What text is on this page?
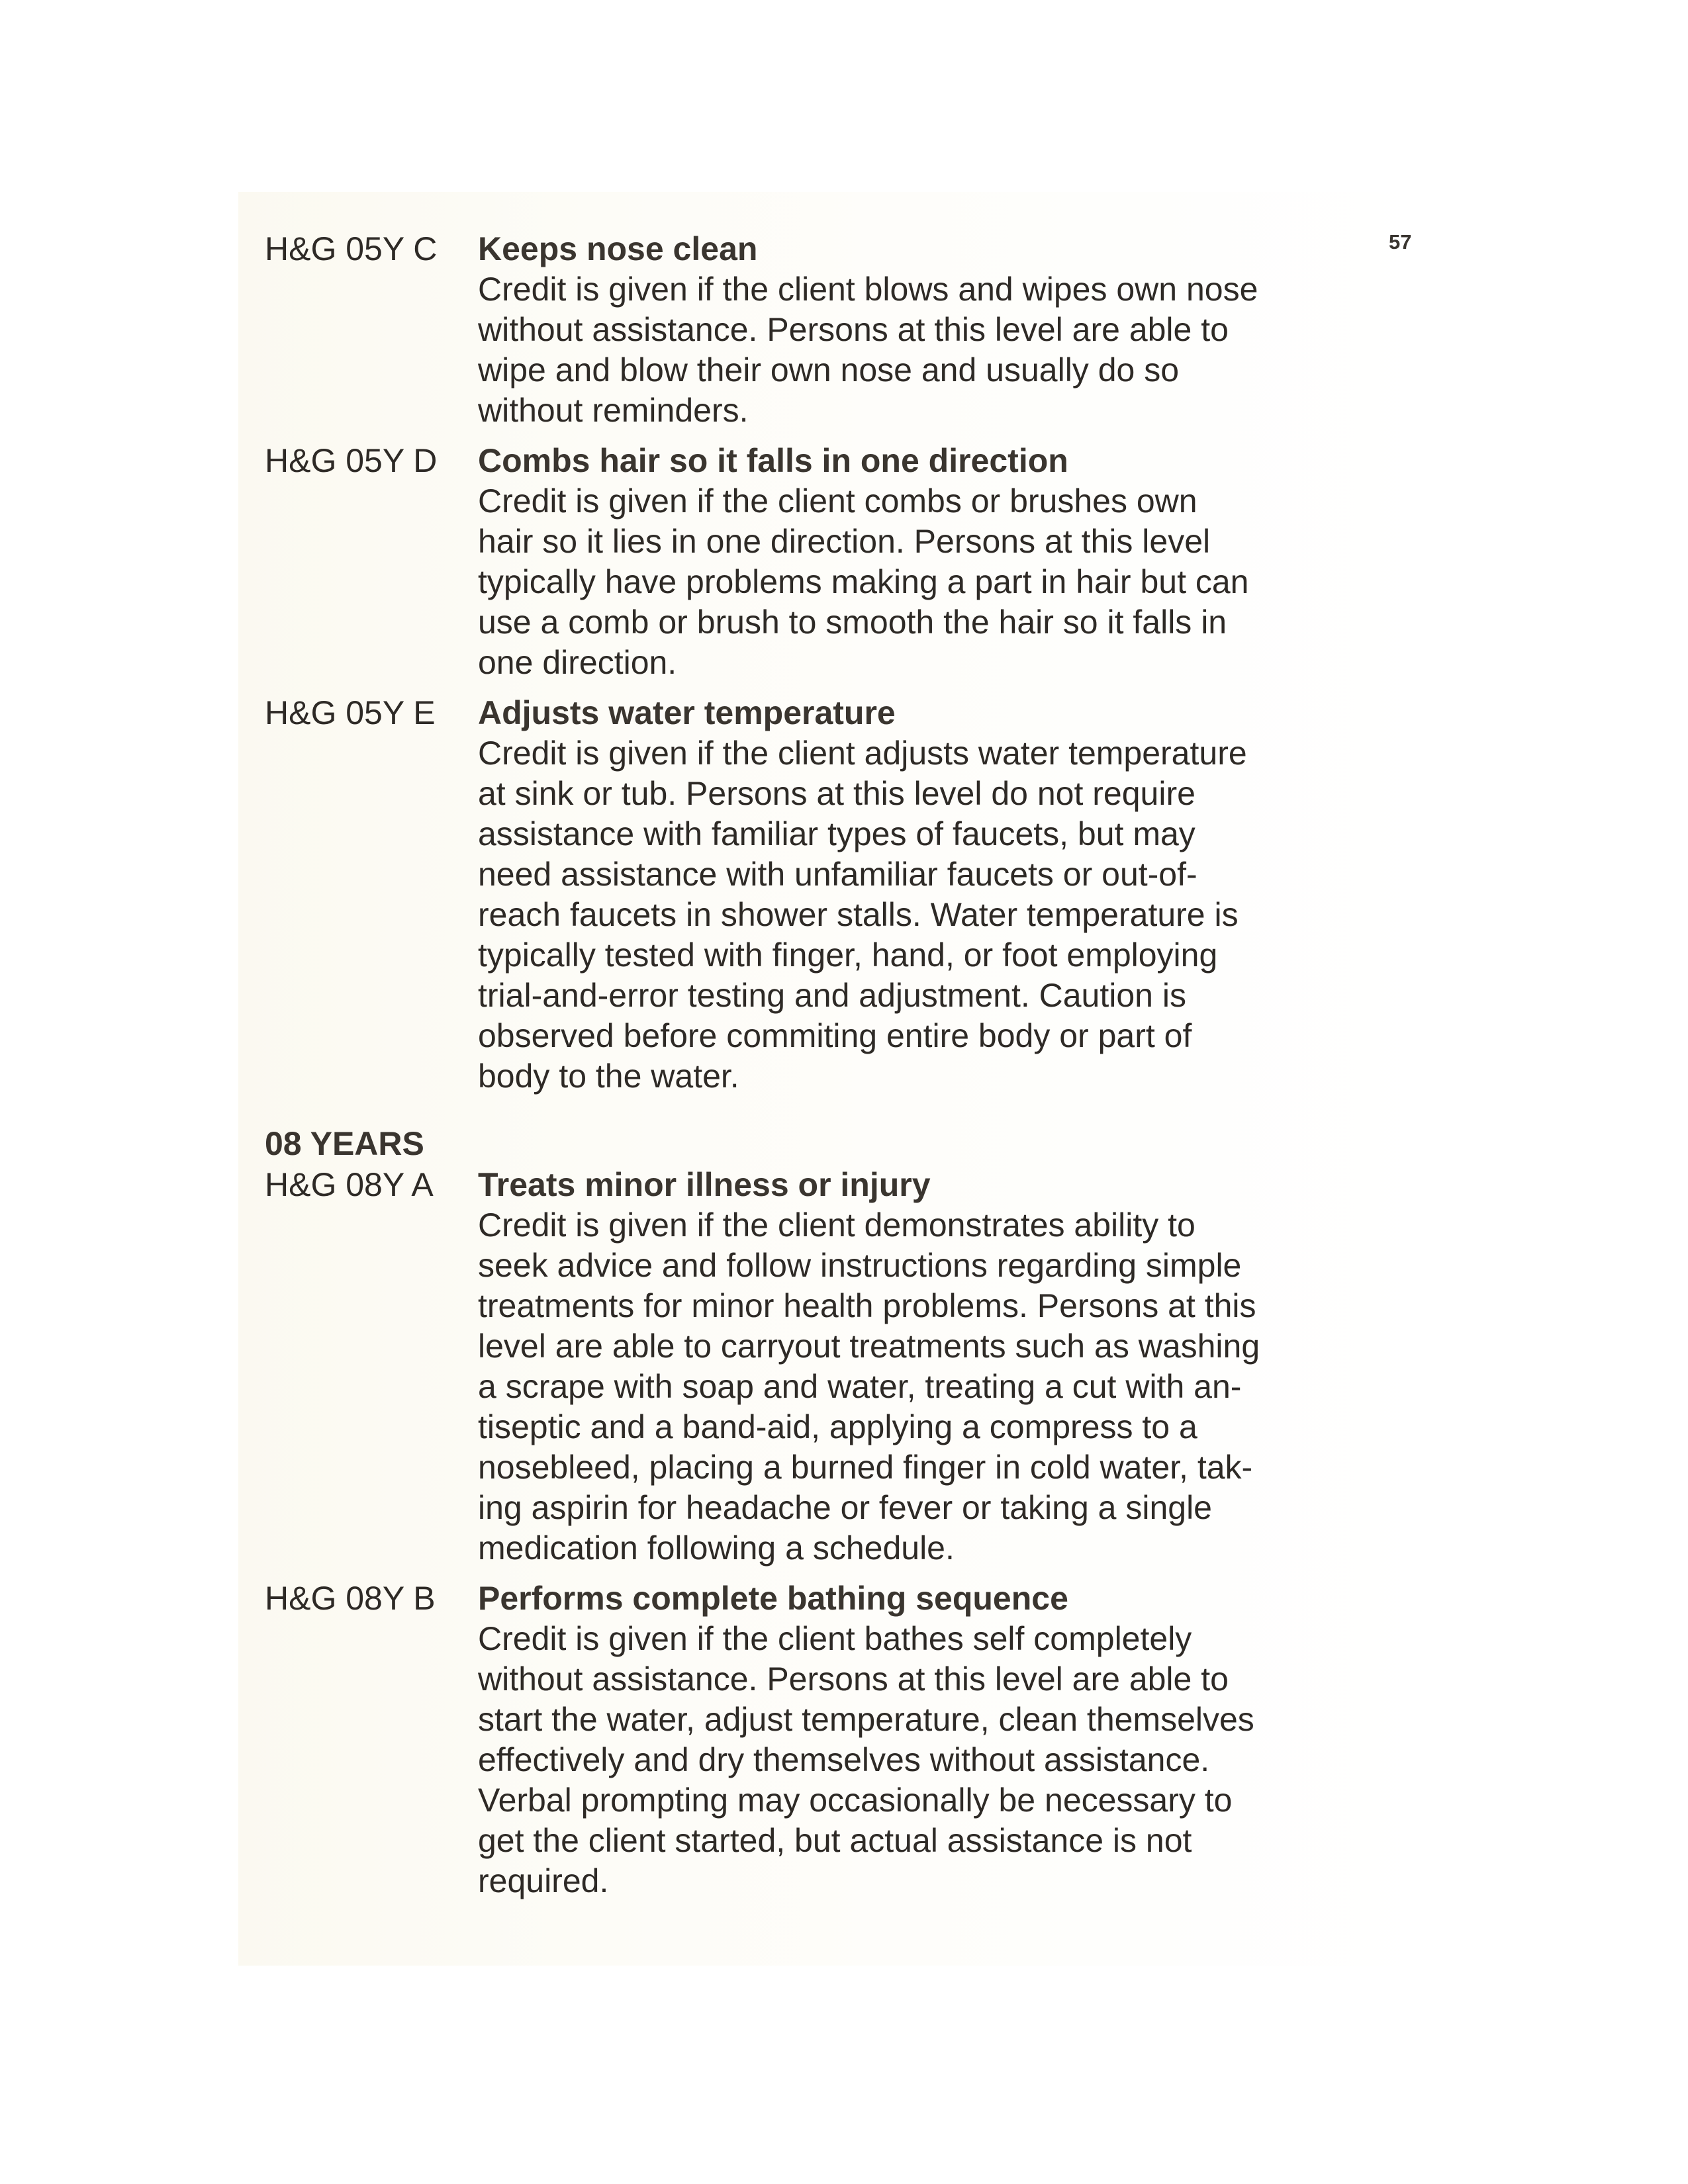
57
H&G 05Y C Keeps nose clean
Credit is given if the client blows and wipes own nose
without assistance. Persons at this level are able to
wipe and blow their own nose and usually do so
without reminders.
H&G 05Y D Combs hair so it falls in one direction
Credit is given if the client combs or brushes own
hair so it lies in one direction. Persons at this level
typically have problems making a part in hair but can
use a comb or brush to smooth the hair so it falls in
one direction.
H&G 05Y E Adjusts water temperature
Credit is given if the client adjusts water temperature
at sink or tub. Persons at this level do not require
assistance with familiar types of faucets, but may
need assistance with unfamiliar faucets or out-of-
reach faucets in shower stalls. Water temperature is
typically tested with finger, hand, or foot employing
trial-and-error testing and adjustment. Caution is
observed before commiting entire body or part of
body to the water.
08 YEARS
H&G 08Y A Treats minor illness or injury
Credit is given if the client demonstrates ability to
seek advice and follow instructions regarding simple
treatments for minor health problems. Persons at this
level are able to carryout treatments such as washing
a scrape with soap and water, treating a cut with an-
tiseptic and a band-aid, applying a compress to a
nosebleed, placing a burned finger in cold water, tak-
ing aspirin for headache or fever or taking a single
medication following a schedule.
H&G 08Y B Performs complete bathing sequence
Credit is given if the client bathes self completely
without assistance. Persons at this level are able to
start the water, adjust temperature, clean themselves
effectively and dry themselves without assistance.
Verbal prompting may occasionally be necessary to
get the client started, but actual assistance is not
required.
